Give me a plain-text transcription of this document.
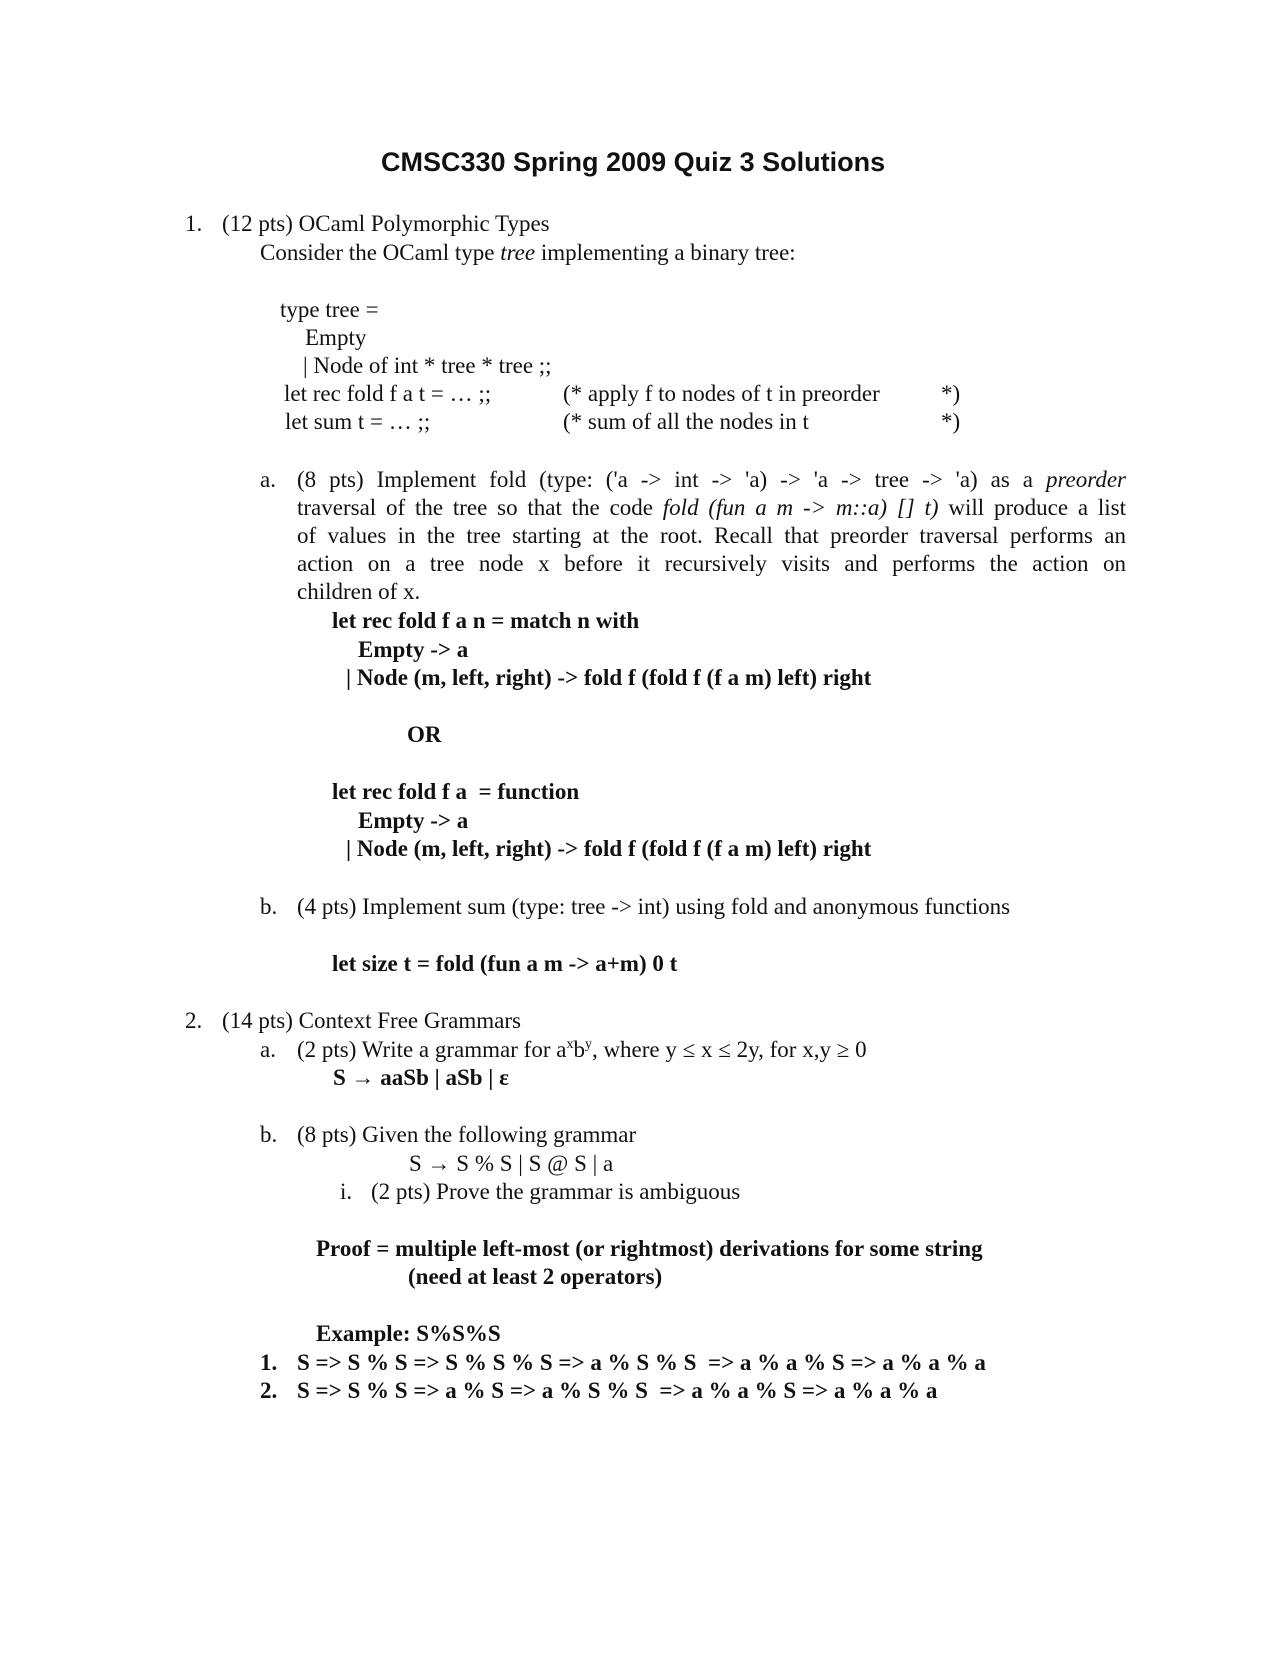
CMSC330 Spring 2009 Quiz 3 Solutions
1. (12 pts) OCaml Polymorphic Types
Consider the OCaml type tree implementing a binary tree:
type tree =
Empty
| Node of int * tree * tree ;;
let rec fold f a t = … ;;	(* apply f to nodes of t in preorder	*)
let sum t = … ;;	(* sum of all the nodes in t	*)
a. (8 pts) Implement fold (type: ('a -> int -> 'a) -> 'a -> tree -> 'a) as a preorder
traversal of the tree so that the code fold (fun a m -> m::a) [] t) will produce a list
of values in the tree starting at the root. Recall that preorder traversal performs an
action on a tree node x before it recursively visits and performs the action on
children of x.
let rec fold f a n = match n with
Empty -> a
| Node (m, left, right) -> fold f (fold f (f a m) left) right
OR
let rec fold f a  = function
Empty -> a
| Node (m, left, right) -> fold f (fold f (f a m) left) right
b. (4 pts) Implement sum (type: tree -> int) using fold and anonymous functions
let size t = fold (fun a m -> a+m) 0 t
2. (14 pts) Context Free Grammars
a. (2 pts) Write a grammar for $a^xb^y$, where y ≤ x ≤ 2y, for x,y ≥ 0
S → aaSb | aSb | ε
b. (8 pts) Given the following grammar
S → S % S | S @ S | a
i. (2 pts) Prove the grammar is ambiguous
Proof = multiple left-most (or rightmost) derivations for some string
(need at least 2 operators)
Example: S%S%S
1. S => S % S => S % S % S => a % S % S  => a % a % S => a % a % a
2. S => S % S => a % S => a % S % S  => a % a % S => a % a % a
